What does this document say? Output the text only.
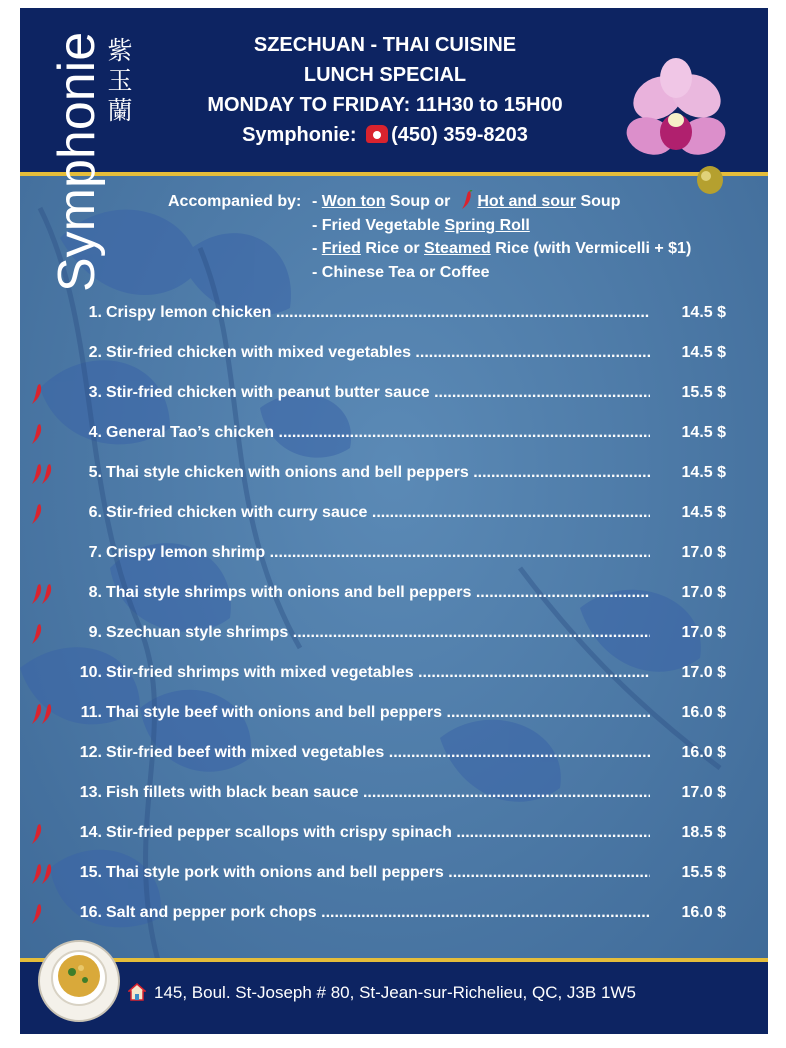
Symphonie 紫
玉
蘭
SZECHUAN - THAI CUISINE
LUNCH SPECIAL
MONDAY TO FRIDAY: 11H30 to 15H00
Symphonie: (450) 359-8203
Accompanied by: - Won ton Soup or Hot and sour Soup
- Fried Vegetable Spring Roll
- Fried Rice or Steamed Rice (with Vermicelli + $1)
- Chinese Tea or Coffee
1. Crispy lemon chicken .....	14.5 $
2. Stir-fried chicken with mixed vegetables .....	14.5 $
3. Stir-fried chicken with peanut butter sauce .....	15.5 $
4. General Tao’s chicken .....	14.5 $
5. Thai style chicken with onions and bell peppers .....	14.5 $
6. Stir-fried chicken with curry sauce .....	14.5 $
7. Crispy lemon shrimp .....	17.0 $
8. Thai style shrimps with onions and bell peppers .....	17.0 $
9. Szechuan style shrimps .....	17.0 $
10. Stir-fried shrimps with mixed vegetables .....	17.0 $
11. Thai style beef with onions and bell peppers .....	16.0 $
12. Stir-fried beef with mixed vegetables .....	16.0 $
13. Fish fillets with black bean sauce .....	17.0 $
14. Stir-fried pepper scallops with crispy spinach .....	18.5 $
15. Thai style pork with onions and bell peppers .....	15.5 $
16. Salt and pepper pork chops .....	16.0 $
145, Boul. St-Joseph # 80, St-Jean-sur-Richelieu, QC, J3B 1W5
